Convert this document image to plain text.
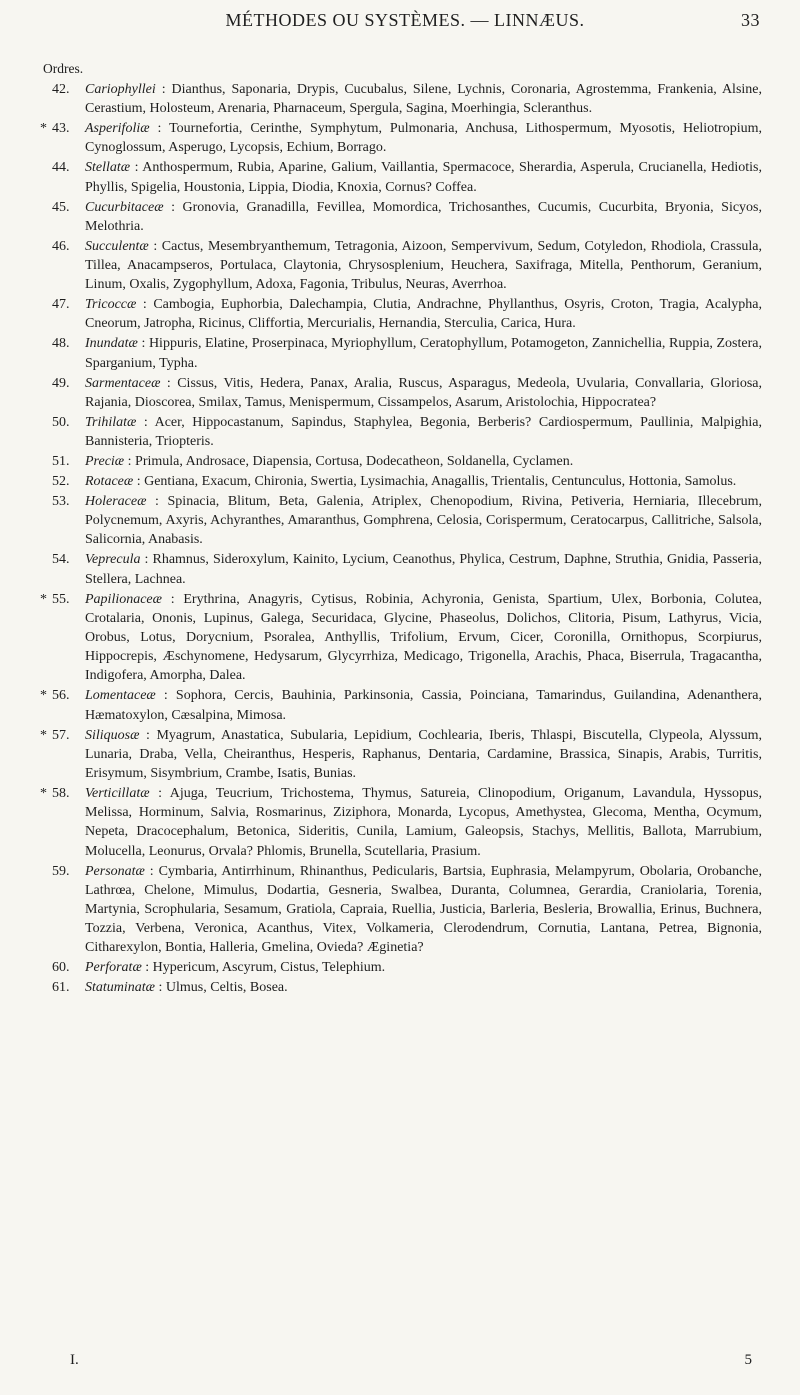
MÉTHODES OU SYSTÈMES. — LINNÆUS.	33
Ordres.

42.	Cariophyllei : Dianthus, Saponaria, Drypis, Cucubalus, Silene, Lychnis, Coronaria, Agrostemma, Frankenia, Alsine, Cerastium, Holosteum, Arenaria, Pharnaceum, Spergula, Sagina, Moerhingia, Scleranthus.

* 43.	Asperifoliæ : Tournefortia, Cerinthe, Symphytum, Pulmonaria, Anchusa, Lithospermum, Myosotis, Heliotropium, Cynoglossum, Asperugo, Lycopsis, Echium, Borrago.

44.	Stellatæ : Anthospermum, Rubia, Aparine, Galium, Vaillantia, Spermacoce, Sherardia, Asperula, Crucianella, Hediotis, Phyllis, Spigelia, Houstonia, Lippia, Diodia, Knoxia, Cornus? Coffea.

45.	Cucurbitaceæ : Gronovia, Granadilla, Fevillea, Momordica, Trichosanthes, Cucumis, Cucurbita, Bryonia, Sicyos, Melothria.

46.	Succulentæ : Cactus, Mesembryanthemum, Tetragonia, Aizoon, Sempervivum, Sedum, Cotyledon, Rhodiola, Crassula, Tillea, Anacampseros, Portulaca, Claytonia, Chrysosplenium, Heuchera, Saxifraga, Mitella, Penthorum, Geranium, Linum, Oxalis, Zygophyllum, Adoxa, Fagonia, Tribulus, Neuras, Averrhoa.

47.	Tricoccæ : Cambogia, Euphorbia, Dalechampia, Clutia, Andrachne, Phyllanthus, Osyris, Croton, Tragia, Acalypha, Cneorum, Jatropha, Ricinus, Cliffortia, Mercurialis, Hernandia, Sterculia, Carica, Hura.

48.	Inundatæ : Hippuris, Elatine, Proserpinaca, Myriophyllum, Ceratophyllum, Potamogeton, Zannichellia, Ruppia, Zostera, Sparganium, Typha.

49.	Sarmentaceæ : Cissus, Vitis, Hedera, Panax, Aralia, Ruscus, Asparagus, Medeola, Uvularia, Convallaria, Gloriosa, Rajania, Dioscorea, Smilax, Tamus, Menispermum, Cissampelos, Asarum, Aristolochia, Hippocratea?

50.	Trihilatæ : Acer, Hippocastanum, Sapindus, Staphylea, Begonia, Berberis? Cardiospermum, Paullinia, Malpighia, Bannisteria, Triopteris.

51.	Preciæ : Primula, Androsace, Diapensia, Cortusa, Dodecatheon, Soldanella, Cyclamen.

52.	Rotaceæ : Gentiana, Exacum, Chironia, Swertia, Lysimachia, Anagallis, Trientalis, Centunculus, Hottonia, Samolus.

53.	Holeraceæ : Spinacia, Blitum, Beta, Galenia, Atriplex, Chenopodium, Rivina, Petiveria, Herniaria, Illecebrum, Polycnemum, Axyris, Achyranthes, Amaranthus, Gomphrena, Celosia, Corispermum, Ceratocarpus, Callitriche, Salsola, Salicornia, Anabasis.

54.	Veprecula : Rhamnus, Sideroxylum, Kainito, Lycium, Ceanothus, Phylica, Cestrum, Daphne, Struthia, Gnidia, Passeria, Stellera, Lachnea.

* 55.	Papilionaceæ : Erythrina, Anagyris, Cytisus, Robinia, Achyronia, Genista, Spartium, Ulex, Borbonia, Colutea, Crotalaria, Ononis, Lupinus, Galega, Securidaca, Glycine, Phaseolus, Dolichos, Clitoria, Pisum, Lathyrus, Vicia, Orobus, Lotus, Dorycnium, Psoralea, Anthyllis, Trifolium, Ervum, Cicer, Coronilla, Ornithopus, Scorpiurus, Hippocrepis, Æschynomene, Hedysarum, Glycyrrhiza, Medicago, Trigonella, Arachis, Phaca, Biserrula, Tragacantha, Indigofera, Amorpha, Dalea.

* 56.	Lomentaceæ : Sophora, Cercis, Bauhinia, Parkinsonia, Cassia, Poinciana, Tamarindus, Guilandina, Adenanthera, Hæmatoxylon, Cæsalpina, Mimosa.

* 57.	Siliquosæ : Myagrum, Anastatica, Subularia, Lepidium, Cochlearia, Iberis, Thlaspi, Biscutella, Clypeola, Alyssum, Lunaria, Draba, Vella, Cheiranthus, Hesperis, Raphanus, Dentaria, Cardamine, Brassica, Sinapis, Arabis, Turritis, Erisymum, Sisymbrium, Crambe, Isatis, Bunias.

* 58.	Verticillatæ : Ajuga, Teucrium, Trichostema, Thymus, Satureia, Clinopodium, Origanum, Lavandula, Hyssopus, Melissa, Horminum, Salvia, Rosmarinus, Ziziphora, Monarda, Lycopus, Amethystea, Glecoma, Mentha, Ocymum, Nepeta, Dracocephalum, Betonica, Sideritis, Cunila, Lamium, Galeopsis, Stachys, Mellitis, Ballota, Marrubium, Molucella, Leonurus, Orvala? Phlomis, Brunella, Scutellaria, Prasium.

59.	Personatæ : Cymbaria, Antirrhinum, Rhinanthus, Pedicularis, Bartsia, Euphrasia, Melampyrum, Obolaria, Orobanche, Lathrœa, Chelone, Mimulus, Dodartia, Gesneria, Swalbea, Duranta, Columnea, Gerardia, Craniolaria, Torenia, Martynia, Scrophularia, Sesamum, Gratiola, Capraia, Ruellia, Justicia, Barleria, Besleria, Browallia, Erinus, Buchnera, Tozzia, Verbena, Veronica, Acanthus, Vitex, Volkameria, Clerodendrum, Cornutia, Lantana, Petrea, Bignonia, Citharexylon, Bontia, Halleria, Gmelina, Ovieda? Æginetia?

60.	Perforatæ : Hypericum, Ascyrum, Cistus, Telephium.

61.	Statuminatæ : Ulmus, Celtis, Bosea.

I.	5
